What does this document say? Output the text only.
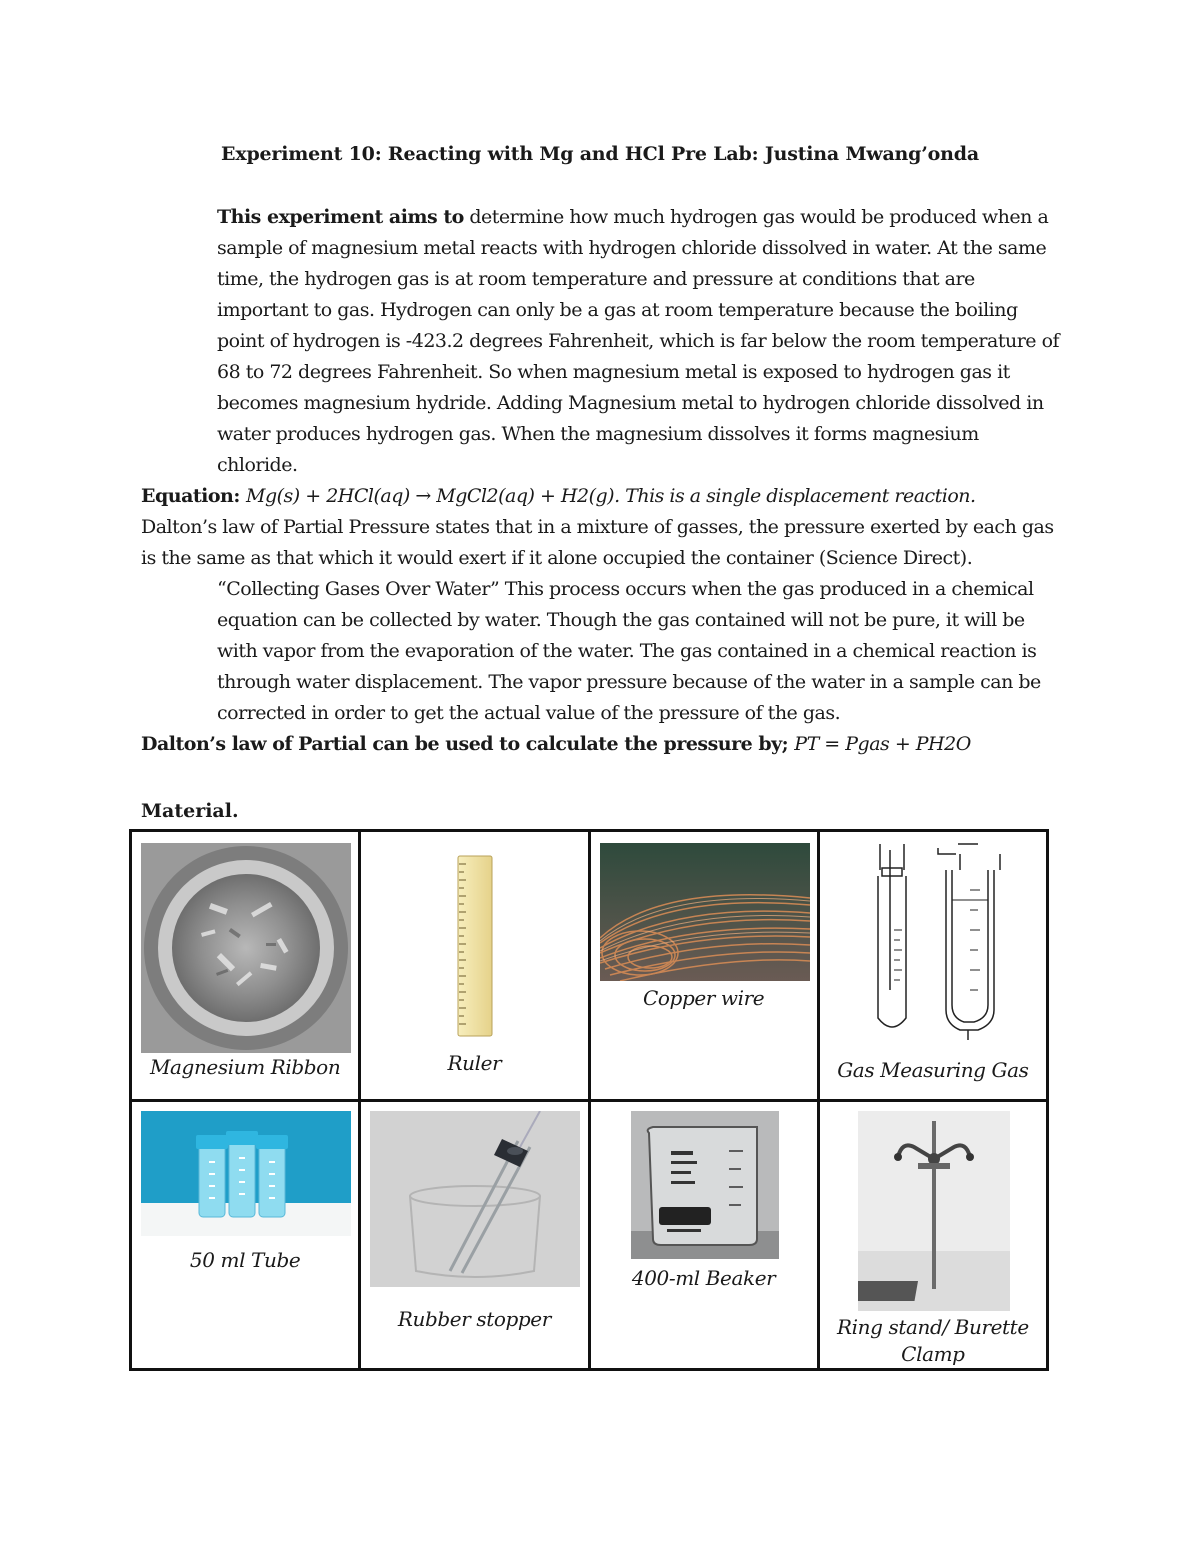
Experiment 10: Reacting with Mg and HCl Pre Lab: Justina Mwang’onda

This experiment aims to determine how much hydrogen gas would be produced when a sample of magnesium metal reacts with hydrogen chloride dissolved in water. At the same time, the hydrogen gas is at room temperature and pressure at conditions that are important to gas. Hydrogen can only be a gas at room temperature because the boiling point of hydrogen is -423.2 degrees Fahrenheit, which is far below the room temperature of 68 to 72 degrees Fahrenheit. So when magnesium metal is exposed to hydrogen gas it becomes magnesium hydride. Adding Magnesium metal to hydrogen chloride dissolved in water produces hydrogen gas. When the magnesium dissolves it forms magnesium chloride.

Equation: Mg(s) + 2HCl(aq) → MgCl2(aq) + H2(g). This is a single displacement reaction.

Dalton’s law of Partial Pressure states that in a mixture of gasses, the pressure exerted by each gas is the same as that which it would exert if it alone occupied the container (Science Direct).

“Collecting Gases Over Water” This process occurs when the gas produced in a chemical equation can be collected by water. Though the gas contained will not be pure, it will be with vapor from the evaporation of the water. The gas contained in a chemical reaction is through water displacement. The vapor pressure because of the water in a sample can be corrected in order to get the actual value of the pressure of the gas.

Dalton’s law of Partial can be used to calculate the pressure by; PT = Pgas + PH2O

Material.
Magnesium Ribbon	Ruler	Copper wire	Gas Measuring Gas

50 ml Tube	Rubber stopper	400-ml Beaker	Ring stand/ Burette Clamp
